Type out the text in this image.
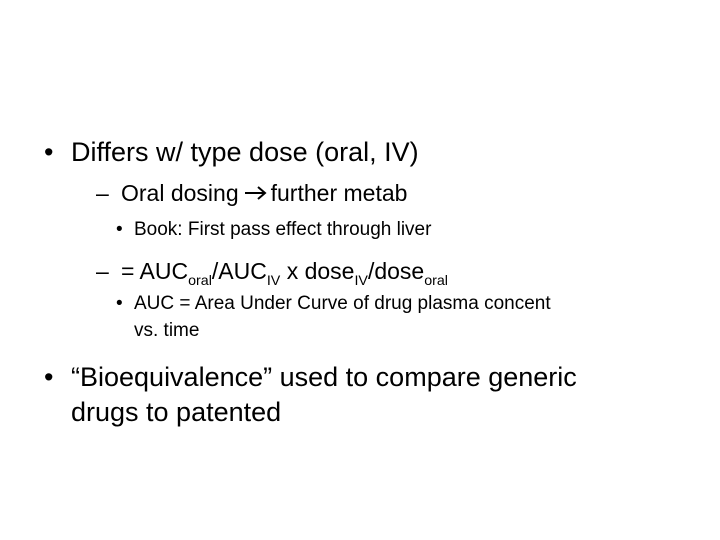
• Differs w/ type dose (oral, IV)
– Oral dosing further metab
• Book: First pass effect through liver
– = $AUC_{oral}/AUC_{IV}$ x dose$_{IV}$/dose$_{oral}$
• AUC = Area Under Curve of drug plasma concent
vs. time
• “Bioequivalence” used to compare generic
drugs to patented
